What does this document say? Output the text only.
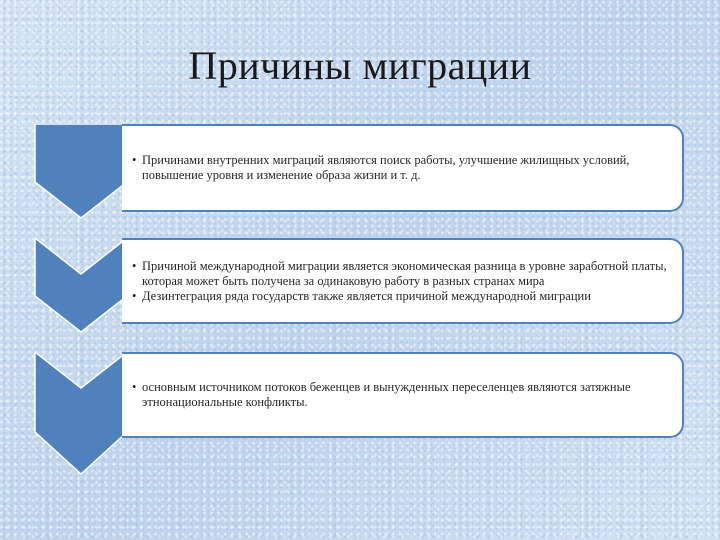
Причины миграции
• Причинами внутренних миграций являются поиск работы, улучшение жилищных условий, повышение уровня и изменение образа жизни и т. д.
• Причиной международной миграции является экономическая разница в уровне заработной платы, которая может быть получена за одинаковую работу в разных странах мира
• Дезинтеграция ряда государств также является причиной международной миграции
• основным источником потоков беженцев и вынужденных переселенцев являются затяжные этнонациональные конфликты.
